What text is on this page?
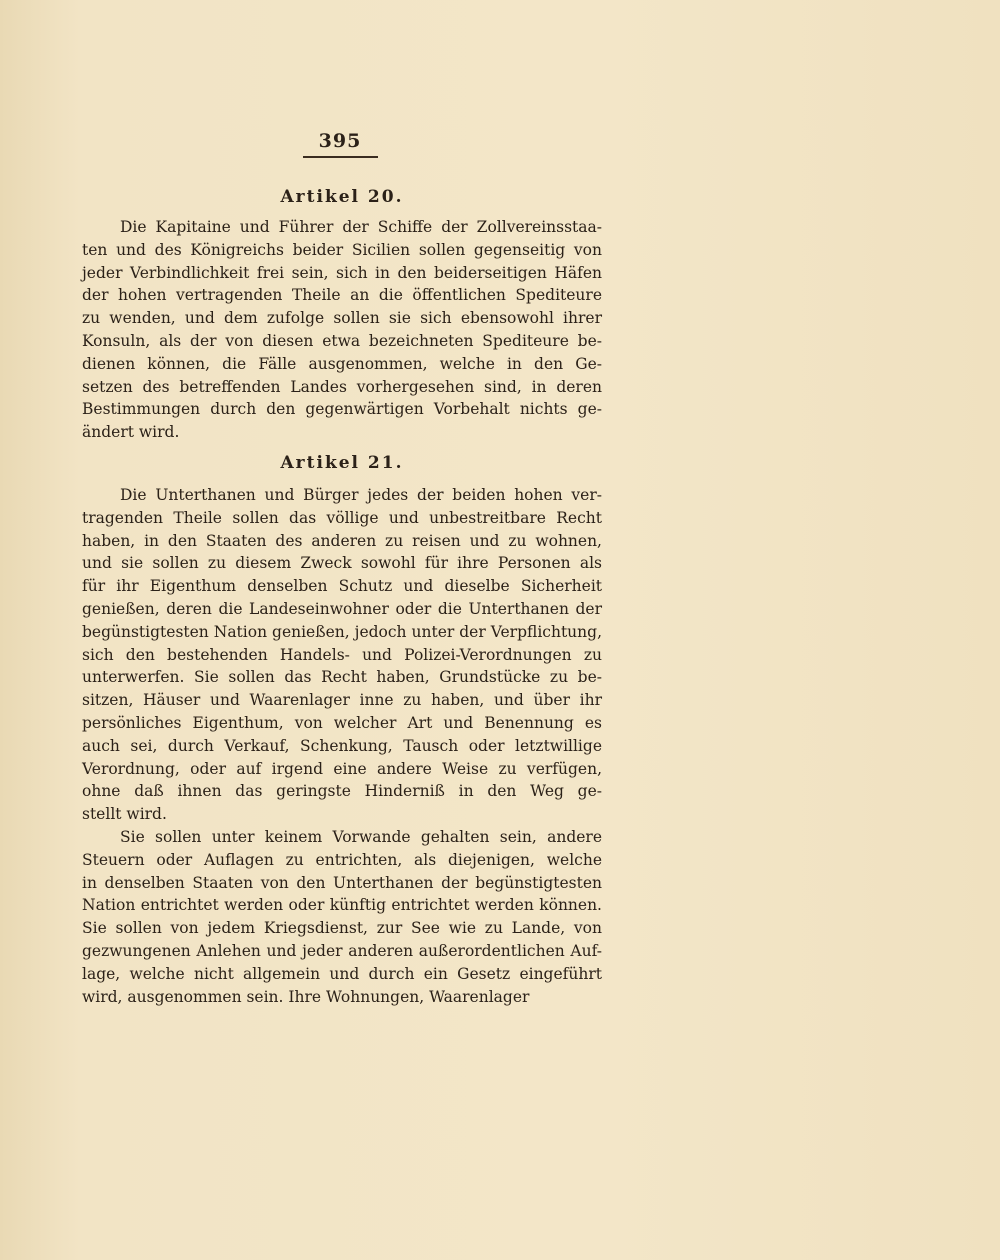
395
Artikel 20.
Die Kapitaine und Führer der Schiffe der Zollvereinsstaa-
ten und des Königreichs beider Sicilien sollen gegenseitig von
jeder Verbindlichkeit frei sein, sich in den beiderseitigen Häfen
der hohen vertragenden Theile an die öffentlichen Spediteure
zu wenden, und dem zufolge sollen sie sich ebensowohl ihrer
Konsuln, als der von diesen etwa bezeichneten Spediteure be-
dienen können, die Fälle ausgenommen, welche in den Ge-
setzen des betreffenden Landes vorhergesehen sind, in deren
Bestimmungen durch den gegenwärtigen Vorbehalt nichts ge-
ändert wird.
Artikel 21.
Die Unterthanen und Bürger jedes der beiden hohen ver-
tragenden Theile sollen das völlige und unbestreitbare Recht
haben, in den Staaten des anderen zu reisen und zu wohnen,
und sie sollen zu diesem Zweck sowohl für ihre Personen als
für ihr Eigenthum denselben Schutz und dieselbe Sicherheit
genießen, deren die Landeseinwohner oder die Unterthanen der
begünstigtesten Nation genießen, jedoch unter der Verpflichtung,
sich den bestehenden Handels- und Polizei-Verordnungen zu
unterwerfen. Sie sollen das Recht haben, Grundstücke zu be-
sitzen, Häuser und Waarenlager inne zu haben, und über ihr
persönliches Eigenthum, von welcher Art und Benennung es
auch sei, durch Verkauf, Schenkung, Tausch oder letztwillige
Verordnung, oder auf irgend eine andere Weise zu verfügen,
ohne daß ihnen das geringste Hinderniß in den Weg ge-
stellt wird.
Sie sollen unter keinem Vorwande gehalten sein, andere
Steuern oder Auflagen zu entrichten, als diejenigen, welche
in denselben Staaten von den Unterthanen der begünstigtesten
Nation entrichtet werden oder künftig entrichtet werden können.
Sie sollen von jedem Kriegsdienst, zur See wie zu Lande, von
gezwungenen Anlehen und jeder anderen außerordentlichen Auf-
lage, welche nicht allgemein und durch ein Gesetz eingeführt
wird, ausgenommen sein. Ihre Wohnungen, Waarenlager
